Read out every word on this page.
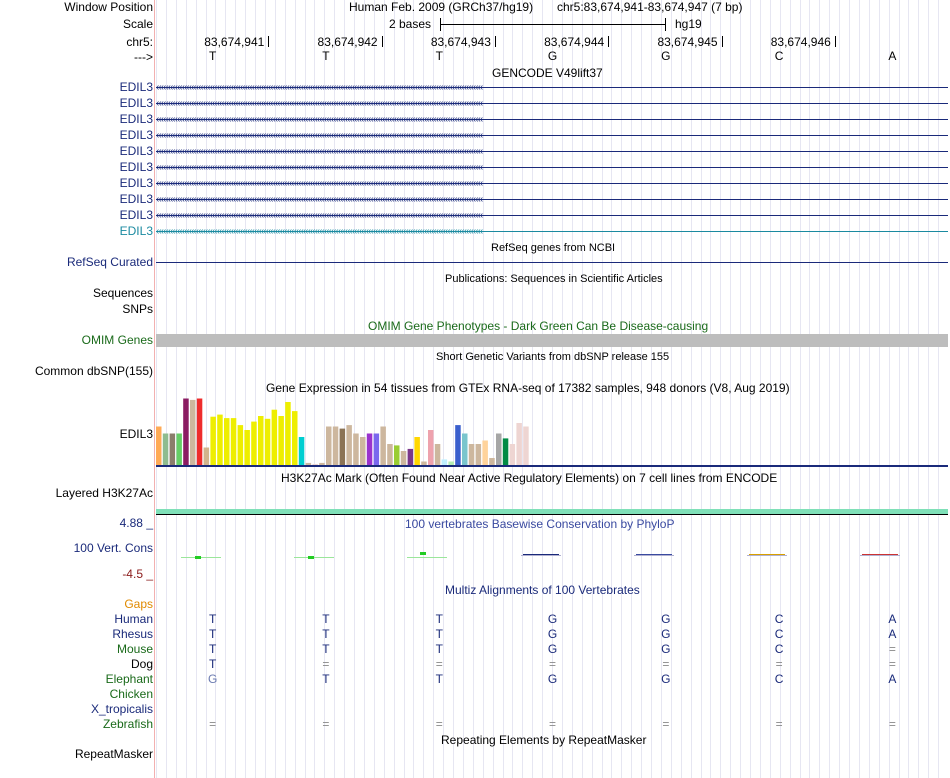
Window Position	Human Feb. 2009 (GRCh37/hg19) chr5:83,674,941-83,674,947 (7 bp)
Scale	2 bases	hg19
chr5:
--->
GENCODE V49lift37
RefSeq genes from NCBI
RefSeq Curated
Publications: Sequences in Scientific Articles
Sequences
SNPs
OMIM Gene Phenotypes - Dark Green Can Be Disease-causing
OMIM Genes
Short Genetic Variants from dbSNP release 155
Common dbSNP(155)
Gene Expression in 54 tissues from GTEx RNA-seq of 17382 samples, 948 donors (V8, Aug 2019)
EDIL3
H3K27Ac Mark (Often Found Near Active Regulatory Elements) on 7 cell lines from ENCODE
Layered H3K27Ac
4.88 _	100 vertebrates Basewise Conservation by PhyloP
100 Vert. Cons
-4.5 _
Multiz Alignments of 100 Vertebrates
Gaps
Repeating Elements by RepeatMasker
RepeatMasker
83,674,941	83,674,942	83,674,943	83,674,944	83,674,945	83,674,946
T	T	T	G	G	C	A
EDIL3 ‹‹‹‹‹‹‹‹‹‹‹‹‹‹‹‹‹‹‹‹‹‹‹‹‹‹‹‹‹‹‹‹‹‹‹‹‹‹‹‹‹‹‹‹‹‹‹‹‹‹‹‹‹‹‹‹‹‹‹‹‹‹‹‹‹‹‹‹‹‹‹‹‹‹‹‹‹‹‹‹‹‹‹‹‹‹‹‹‹‹‹‹‹‹‹‹‹‹‹‹‹‹‹‹‹‹‹‹‹‹‹‹‹‹‹‹‹‹‹‹‹‹‹‹‹‹‹‹‹‹‹‹‹‹‹‹‹‹‹‹
EDIL3 ‹‹‹‹‹‹‹‹‹‹‹‹‹‹‹‹‹‹‹‹‹‹‹‹‹‹‹‹‹‹‹‹‹‹‹‹‹‹‹‹‹‹‹‹‹‹‹‹‹‹‹‹‹‹‹‹‹‹‹‹‹‹‹‹‹‹‹‹‹‹‹‹‹‹‹‹‹‹‹‹‹‹‹‹‹‹‹‹‹‹‹‹‹‹‹‹‹‹‹‹‹‹‹‹‹‹‹‹‹‹‹‹‹‹‹‹‹‹‹‹‹‹‹‹‹‹‹‹‹‹‹‹‹‹‹‹‹‹‹‹
EDIL3 ‹‹‹‹‹‹‹‹‹‹‹‹‹‹‹‹‹‹‹‹‹‹‹‹‹‹‹‹‹‹‹‹‹‹‹‹‹‹‹‹‹‹‹‹‹‹‹‹‹‹‹‹‹‹‹‹‹‹‹‹‹‹‹‹‹‹‹‹‹‹‹‹‹‹‹‹‹‹‹‹‹‹‹‹‹‹‹‹‹‹‹‹‹‹‹‹‹‹‹‹‹‹‹‹‹‹‹‹‹‹‹‹‹‹‹‹‹‹‹‹‹‹‹‹‹‹‹‹‹‹‹‹‹‹‹‹‹‹‹‹
EDIL3 ‹‹‹‹‹‹‹‹‹‹‹‹‹‹‹‹‹‹‹‹‹‹‹‹‹‹‹‹‹‹‹‹‹‹‹‹‹‹‹‹‹‹‹‹‹‹‹‹‹‹‹‹‹‹‹‹‹‹‹‹‹‹‹‹‹‹‹‹‹‹‹‹‹‹‹‹‹‹‹‹‹‹‹‹‹‹‹‹‹‹‹‹‹‹‹‹‹‹‹‹‹‹‹‹‹‹‹‹‹‹‹‹‹‹‹‹‹‹‹‹‹‹‹‹‹‹‹‹‹‹‹‹‹‹‹‹‹‹‹‹
EDIL3 ‹‹‹‹‹‹‹‹‹‹‹‹‹‹‹‹‹‹‹‹‹‹‹‹‹‹‹‹‹‹‹‹‹‹‹‹‹‹‹‹‹‹‹‹‹‹‹‹‹‹‹‹‹‹‹‹‹‹‹‹‹‹‹‹‹‹‹‹‹‹‹‹‹‹‹‹‹‹‹‹‹‹‹‹‹‹‹‹‹‹‹‹‹‹‹‹‹‹‹‹‹‹‹‹‹‹‹‹‹‹‹‹‹‹‹‹‹‹‹‹‹‹‹‹‹‹‹‹‹‹‹‹‹‹‹‹‹‹‹‹
EDIL3 ‹‹‹‹‹‹‹‹‹‹‹‹‹‹‹‹‹‹‹‹‹‹‹‹‹‹‹‹‹‹‹‹‹‹‹‹‹‹‹‹‹‹‹‹‹‹‹‹‹‹‹‹‹‹‹‹‹‹‹‹‹‹‹‹‹‹‹‹‹‹‹‹‹‹‹‹‹‹‹‹‹‹‹‹‹‹‹‹‹‹‹‹‹‹‹‹‹‹‹‹‹‹‹‹‹‹‹‹‹‹‹‹‹‹‹‹‹‹‹‹‹‹‹‹‹‹‹‹‹‹‹‹‹‹‹‹‹‹‹‹
EDIL3 ‹‹‹‹‹‹‹‹‹‹‹‹‹‹‹‹‹‹‹‹‹‹‹‹‹‹‹‹‹‹‹‹‹‹‹‹‹‹‹‹‹‹‹‹‹‹‹‹‹‹‹‹‹‹‹‹‹‹‹‹‹‹‹‹‹‹‹‹‹‹‹‹‹‹‹‹‹‹‹‹‹‹‹‹‹‹‹‹‹‹‹‹‹‹‹‹‹‹‹‹‹‹‹‹‹‹‹‹‹‹‹‹‹‹‹‹‹‹‹‹‹‹‹‹‹‹‹‹‹‹‹‹‹‹‹‹‹‹‹‹
EDIL3 ‹‹‹‹‹‹‹‹‹‹‹‹‹‹‹‹‹‹‹‹‹‹‹‹‹‹‹‹‹‹‹‹‹‹‹‹‹‹‹‹‹‹‹‹‹‹‹‹‹‹‹‹‹‹‹‹‹‹‹‹‹‹‹‹‹‹‹‹‹‹‹‹‹‹‹‹‹‹‹‹‹‹‹‹‹‹‹‹‹‹‹‹‹‹‹‹‹‹‹‹‹‹‹‹‹‹‹‹‹‹‹‹‹‹‹‹‹‹‹‹‹‹‹‹‹‹‹‹‹‹‹‹‹‹‹‹‹‹‹‹
EDIL3 ‹‹‹‹‹‹‹‹‹‹‹‹‹‹‹‹‹‹‹‹‹‹‹‹‹‹‹‹‹‹‹‹‹‹‹‹‹‹‹‹‹‹‹‹‹‹‹‹‹‹‹‹‹‹‹‹‹‹‹‹‹‹‹‹‹‹‹‹‹‹‹‹‹‹‹‹‹‹‹‹‹‹‹‹‹‹‹‹‹‹‹‹‹‹‹‹‹‹‹‹‹‹‹‹‹‹‹‹‹‹‹‹‹‹‹‹‹‹‹‹‹‹‹‹‹‹‹‹‹‹‹‹‹‹‹‹‹‹‹‹
EDIL3 ‹‹‹‹‹‹‹‹‹‹‹‹‹‹‹‹‹‹‹‹‹‹‹‹‹‹‹‹‹‹‹‹‹‹‹‹‹‹‹‹‹‹‹‹‹‹‹‹‹‹‹‹‹‹‹‹‹‹‹‹‹‹‹‹‹‹‹‹‹‹‹‹‹‹‹‹‹‹‹‹‹‹‹‹‹‹‹‹‹‹‹‹‹‹‹‹‹‹‹‹‹‹‹‹‹‹‹‹‹‹‹‹‹‹‹‹‹‹‹‹‹‹‹‹‹‹‹‹‹‹‹‹‹‹‹‹‹‹‹‹
Human	T	T	T	G	G	C	A
Rhesus	T	T	T	G	G	C	A
Mouse	T	T	T	G	G	C	=
Dog	T	=	=	=	=	=	=
Elephant	G	T	T	G	G	C	A
Chicken
X_tropicalis
Zebrafish	=	=	=	=	=	=	=
